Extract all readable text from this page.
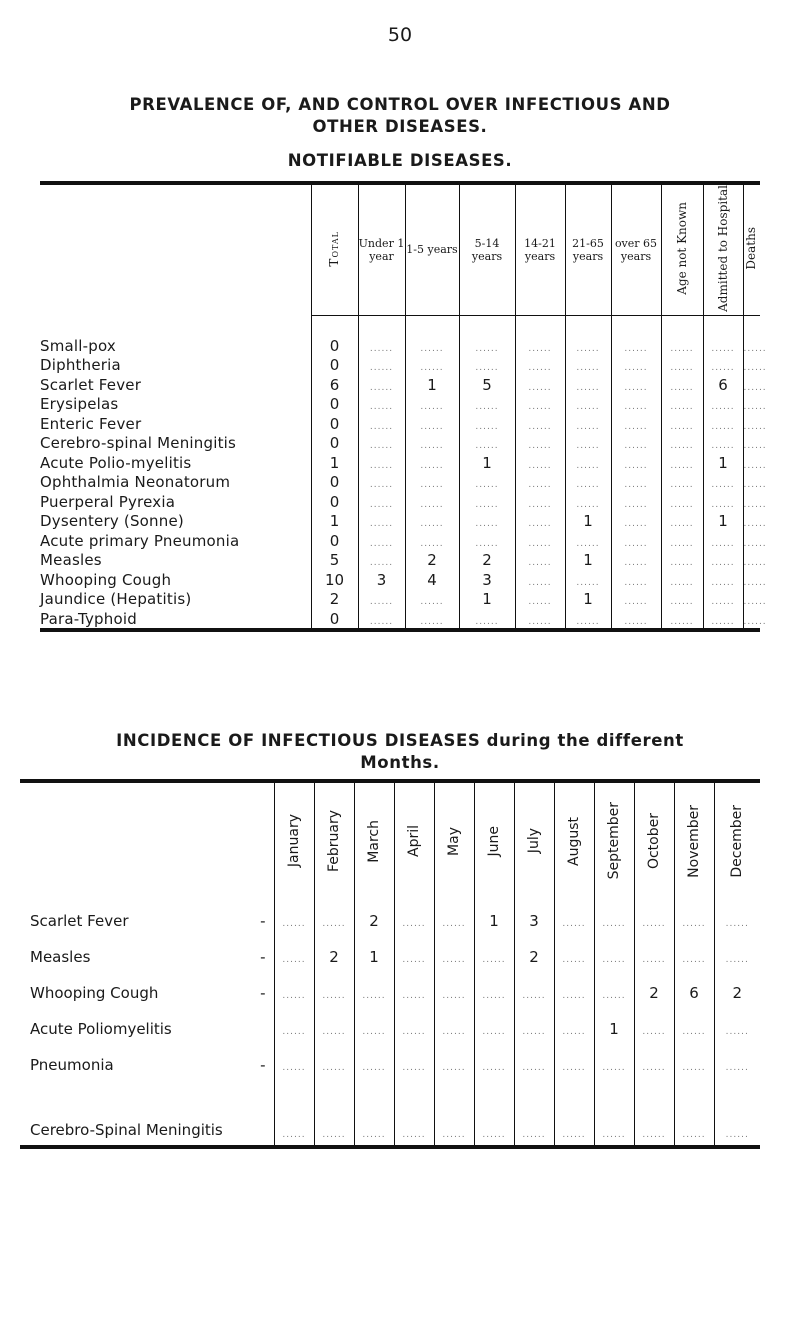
50
PREVALENCE OF, AND CONTROL OVER INFECTIOUS AND
OTHER DISEASES.
NOTIFIABLE DISEASES.
	Total	Under 1 year	1-5 years	5-14 years	14-21 years	21-65 years	over 65 years	Age not Known	Admitted to Hospital	Deaths

Small-pox	0	......	......	......	......	......	......	......	......	......
Diphtheria	0	......	......	......	......	......	......	......	......	......
Scarlet Fever	6	......	1	5	......	......	......	......	6	......
Erysipelas	0	......	......	......	......	......	......	......	......	......
Enteric Fever	0	......	......	......	......	......	......	......	......	......
Cerebro-spinal Meningitis	0	......	......	......	......	......	......	......	......	......
Acute Polio-myelitis	1	......	......	1	......	......	......	......	1	......
Ophthalmia Neonatorum	0	......	......	......	......	......	......	......	......	......
Puerperal Pyrexia	0	......	......	......	......	......	......	......	......	......
Dysentery (Sonne)	1	......	......	......	......	1	......	......	1	......
Acute primary Pneumonia	0	......	......	......	......	......	......	......	......	......
Measles	5	......	2	2	......	1	......	......	......	......
Whooping Cough	10	3	4	3	......	......	......	......	......	......
Jaundice (Hepatitis)	2	......	......	1	......	1	......	......	......	......
Para-Typhoid	0	......	......	......	......	......	......	......	......	......
INCIDENCE OF INFECTIOUS DISEASES during the different
Months.
	January	February	March	April	May	June	July	August	September	October	November	December
Scarlet Fever -	......	......	2	......	......	1	3	......	......	......	......	......
Measles -	......	2	1	......	......	......	2	......	......	......	......	......
Whooping Cough -	......	......	......	......	......	......	......	......	......	2	6	2
Acute Poliomyelitis	......	......	......	......	......	......	......	......	1	......	......	......
Pneumonia -	......	......	......	......	......	......	......	......	......	......	......	......
Cerebro-Spinal Meningitis	......	......	......	......	......	......	......	......	......	......	......	......
